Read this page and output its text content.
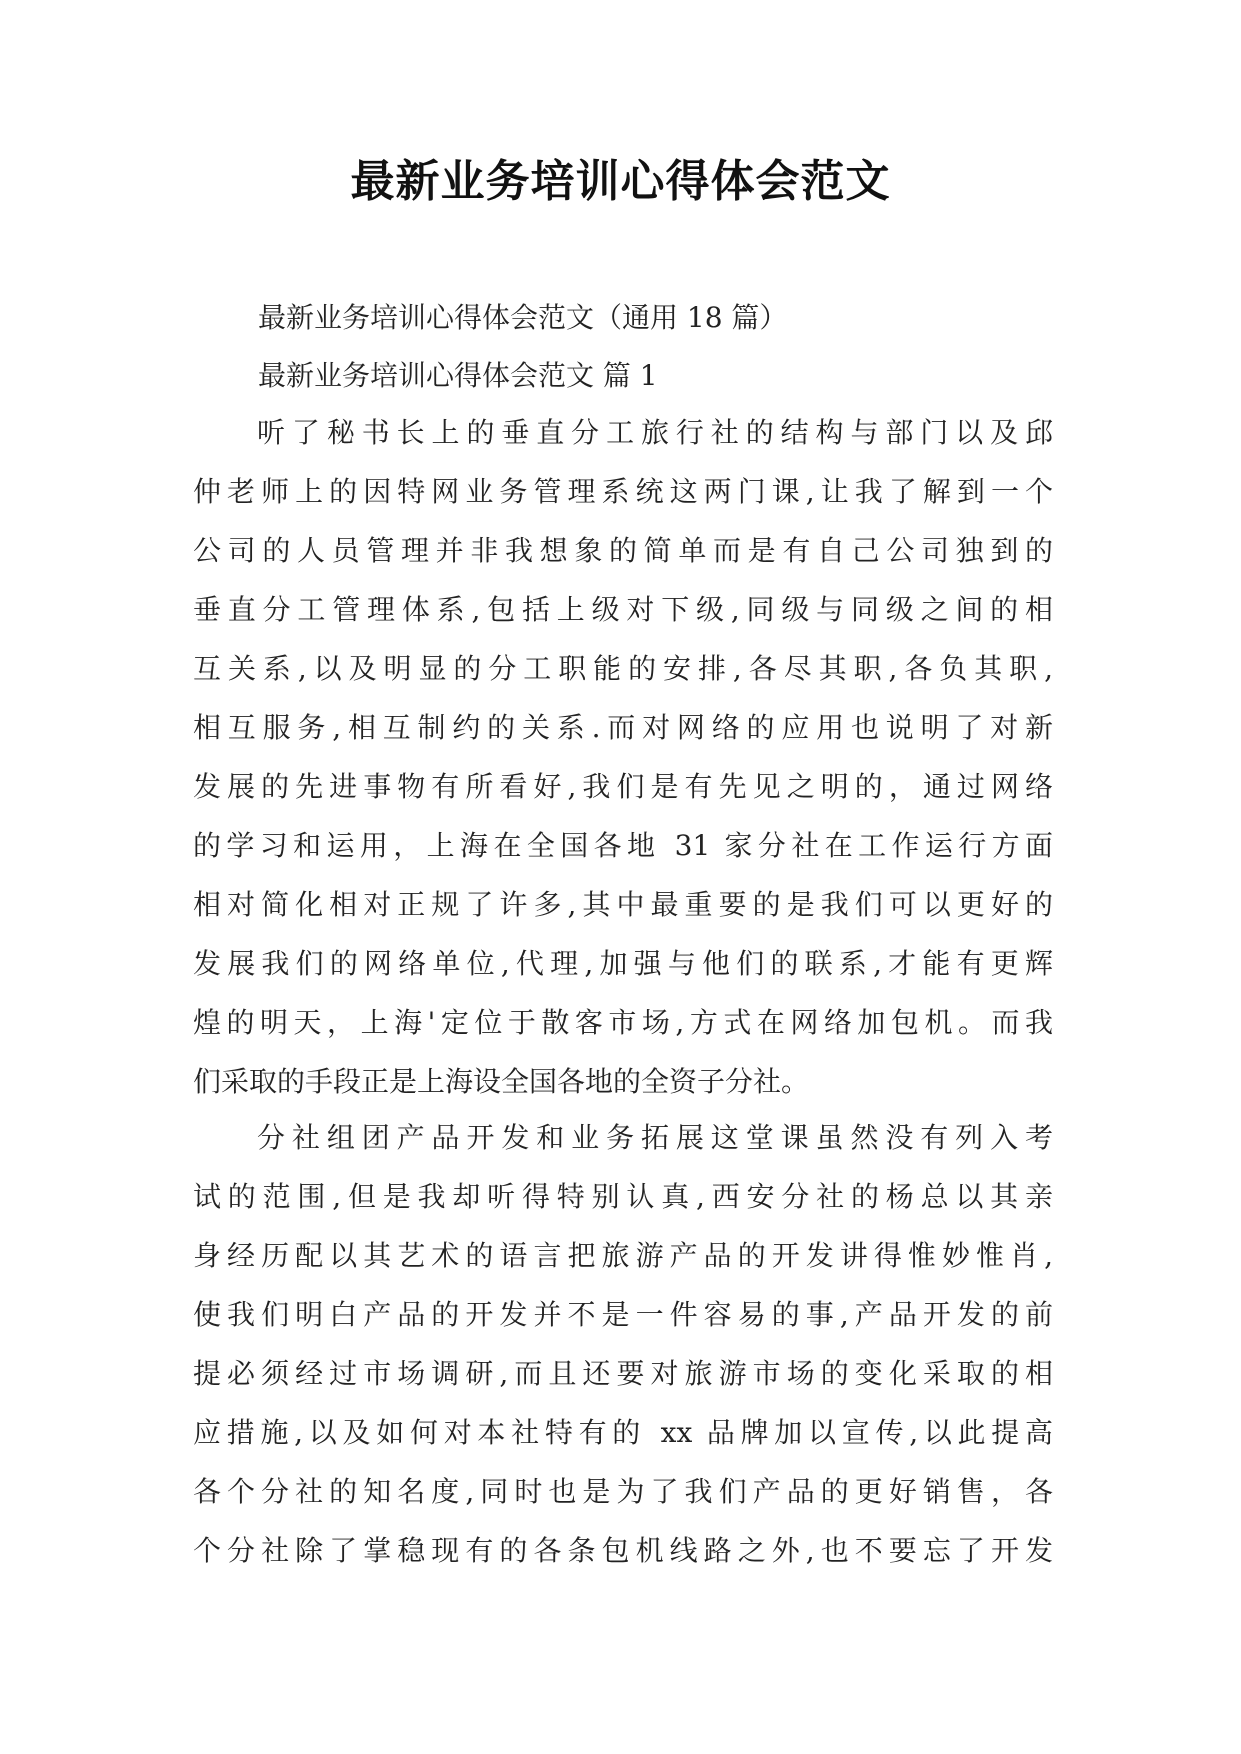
最新业务培训心得体会范文
最新业务培训心得体会范文（通用 18 篇）
最新业务培训心得体会范文 篇 1
听了秘书长上的垂直分工旅行社的结构与部门以及邱
仲老师上的因特网业务管理系统这两门课,让我了解到一个
公司的人员管理并非我想象的简单而是有自己公司独到的
垂直分工管理体系,包括上级对下级,同级与同级之间的相
互关系,以及明显的分工职能的安排,各尽其职,各负其职,
相互服务,相互制约的关系.而对网络的应用也说明了对新
发展的先进事物有所看好,我们是有先见之明的，通过网络
的学习和运用，上海在全国各地 31 家分社在工作运行方面
相对简化相对正规了许多,其中最重要的是我们可以更好的
发展我们的网络单位,代理,加强与他们的联系,才能有更辉
煌的明天，上海'定位于散客市场,方式在网络加包机。而我
们采取的手段正是上海设全国各地的全资子分社。
分社组团产品开发和业务拓展这堂课虽然没有列入考
试的范围,但是我却听得特别认真,西安分社的杨总以其亲
身经历配以其艺术的语言把旅游产品的开发讲得惟妙惟肖,
使我们明白产品的开发并不是一件容易的事,产品开发的前
提必须经过市场调研,而且还要对旅游市场的变化采取的相
应措施,以及如何对本社特有的 xx 品牌加以宣传,以此提高
各个分社的知名度,同时也是为了我们产品的更好销售，各
个分社除了掌稳现有的各条包机线路之外,也不要忘了开发
